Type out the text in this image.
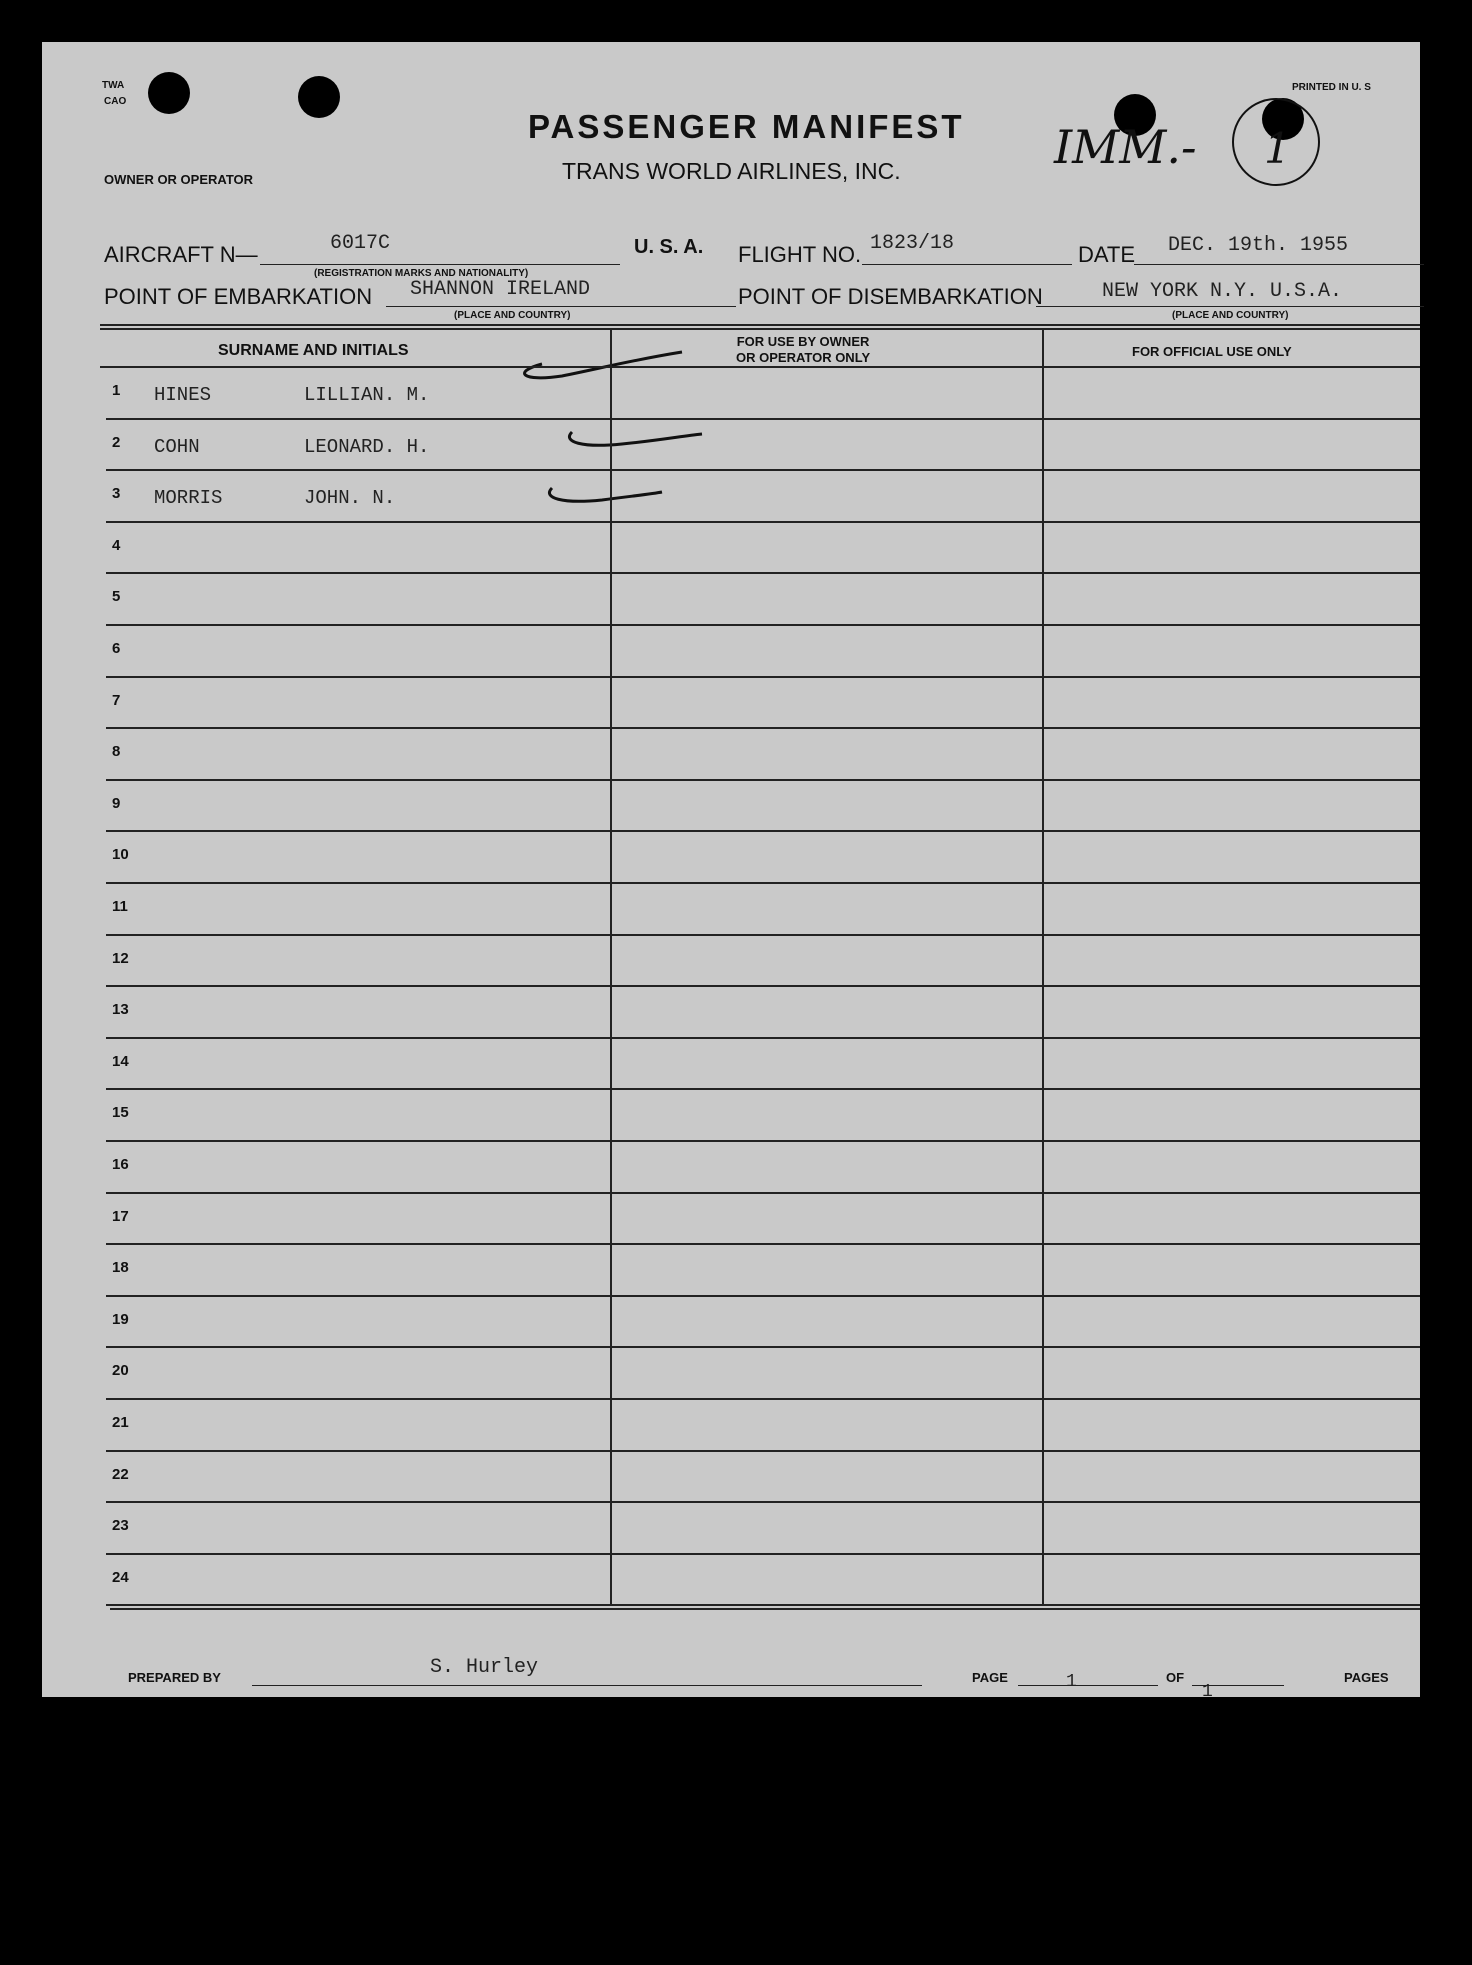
TWA
CAO
PRINTED IN U. S
OWNER OR OPERATOR
PASSENGER MANIFEST
TRANS WORLD AIRLINES, INC.	IMM.- 1
AIRCRAFT N—	6017C
(REGISTRATION MARKS AND NATIONALITY)
U. S. A. FLIGHT NO. 1823/18	DATE DEC. 19th. 1955
POINT OF EMBARKATION SHANNON IRELAND
(PLACE AND COUNTRY)
POINT OF DISEMBARKATION	NEW YORK N.Y. U.S.A.
(PLACE AND COUNTRY)
SURNAME AND INITIALS
FOR USE BY OWNER
OR OPERATOR ONLY	FOR OFFICIAL USE ONLY
PREPARED BY	S. Hurley	PAGE	1	OF
1
PAGES
1 HINES	LILLIAN. M.
2 COHN	LEONARD. H.
3 MORRIS	JOHN. N.
4
5
6
7
8
9
10
11
12
13
14
15
16
17
18
19
20
21
22
23
24
